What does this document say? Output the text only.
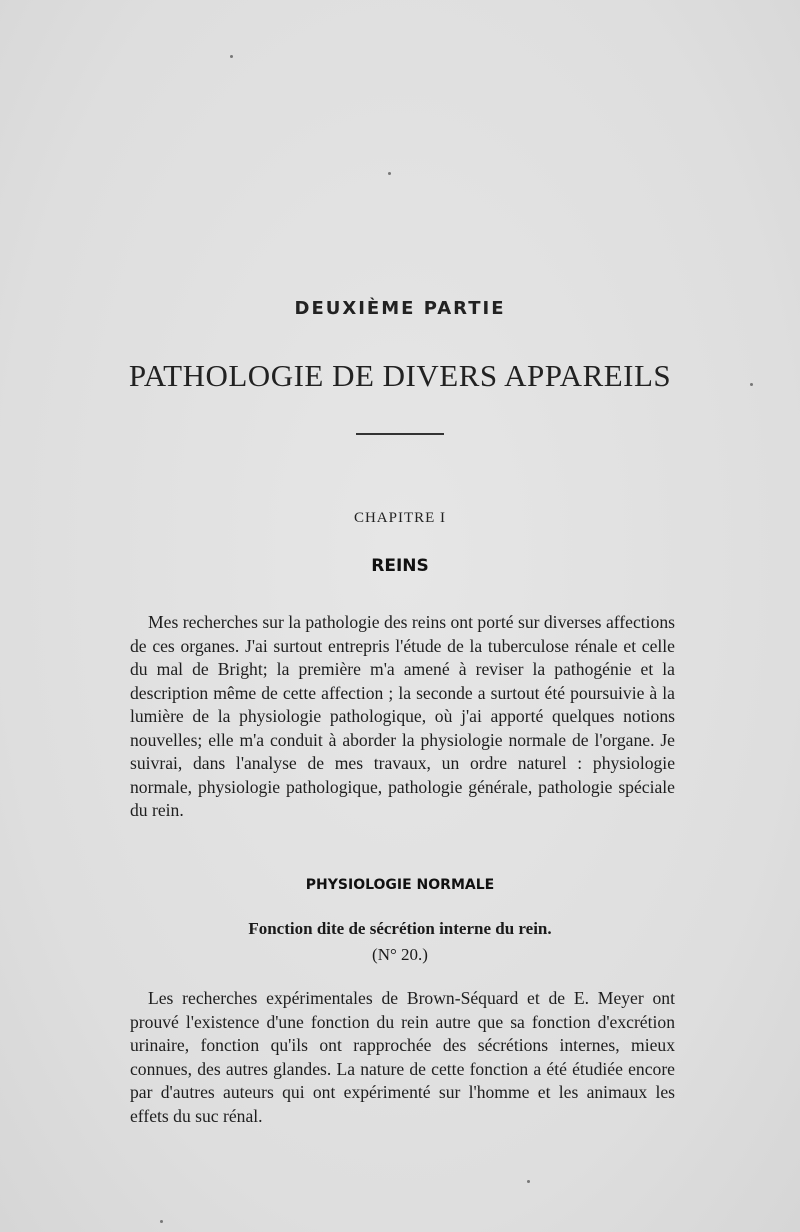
DEUXIÈME PARTIE
PATHOLOGIE DE DIVERS APPAREILS
CHAPITRE I
REINS

Mes recherches sur la pathologie des reins ont porté sur diverses affections de ces organes. J'ai surtout entrepris l'étude de la tuberculose rénale et celle du mal de Bright; la première m'a amené à reviser la pathogénie et la description même de cette affection ; la seconde a surtout été poursuivie à la lumière de la physiologie pathologique, où j'ai apporté quelques notions nouvelles; elle m'a conduit à aborder la physiologie normale de l'organe. Je suivrai, dans l'analyse de mes travaux, un ordre naturel : physiologie normale, physiologie pathologique, pathologie générale, pathologie spéciale du rein.

PHYSIOLOGIE NORMALE
Fonction dite de sécrétion interne du rein.
(N° 20.)

Les recherches expérimentales de Brown-Séquard et de E. Meyer ont prouvé l'existence d'une fonction du rein autre que sa fonction d'excrétion urinaire, fonction qu'ils ont rapprochée des sécrétions internes, mieux connues, des autres glandes. La nature de cette fonction a été étudiée encore par d'autres auteurs qui ont expérimenté sur l'homme et les animaux les effets du suc rénal.
